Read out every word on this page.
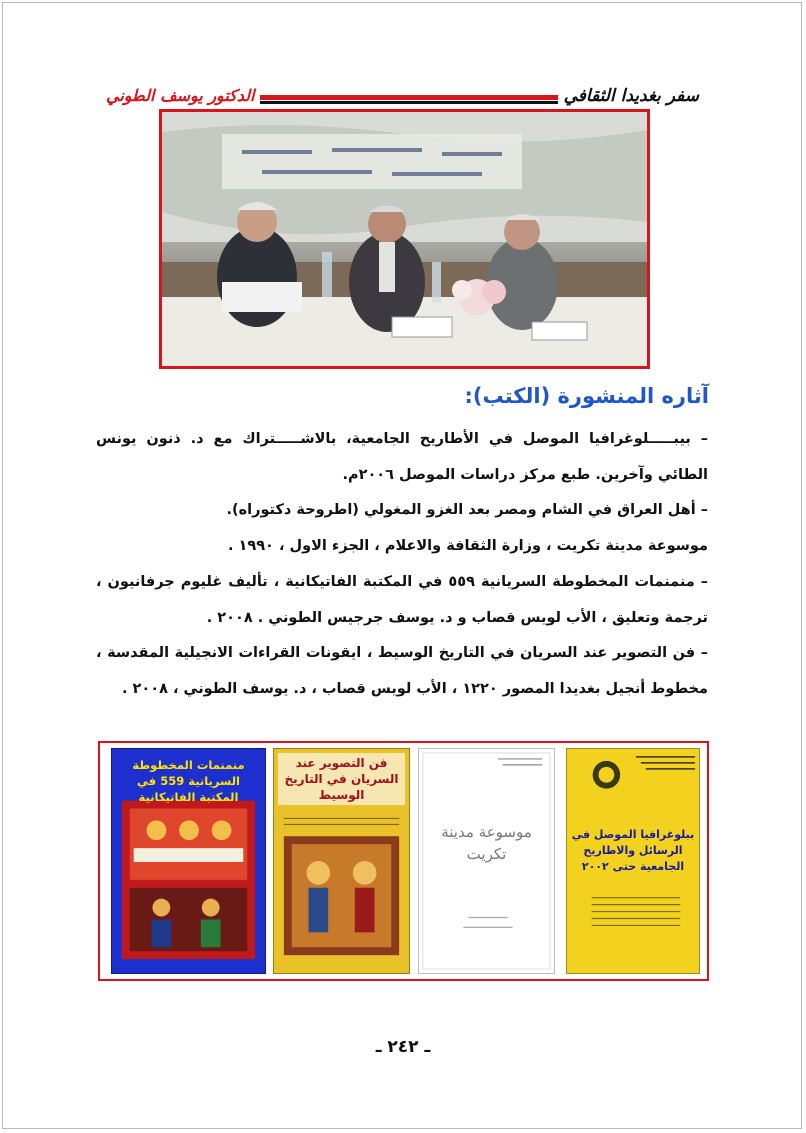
سفر بغديدا الثقافي
الدكتور يوسف الطوني
آثاره المنشورة (الكتب):

– بيبـــــلوغرافيا الموصل في الأطاريح الجامعية، بالاشـــــتراك مع د. ذنون يونس الطائي وآخرين. طبع مركز دراسات الموصل ٢٠٠٦م.

– أهل العراق في الشام ومصر بعد الغزو المغولي (اطروحة دكتوراه).

موسوعة مدينة تكريت ، وزارة الثقافة والاعلام ، الجزء الاول ، ١٩٩٠ .

– منمنمات المخطوطة السريانية ٥٥٩ في المكتبة الفاتيكانية ، تأليف غليوم جرفانيون ، ترجمة وتعليق ، الأب لويس قصاب و د. يوسف جرجيس الطوني . ٢٠٠٨ .

– فن التصوير عند السريان في التاريخ الوسيط ، ايقونات القراءات الانجيلية المقدسة ، مخطوط أنجيل بغديدا المصور ١٢٢٠ ، الأب لويس قصاب ، د. يوسف الطوني ، ٢٠٠٨ .

ببلوغرافيا الموصل في الرسائل والاطاريح الجامعية حتى ٢٠٠٢
موسوعة مدينة تكريت
فن التصوير عند السريان في التاريخ الوسيط
منمنمات المخطوطة السريانية 559 في المكتبة الفاتيكانية
ـ ٢٤٢ ـ
